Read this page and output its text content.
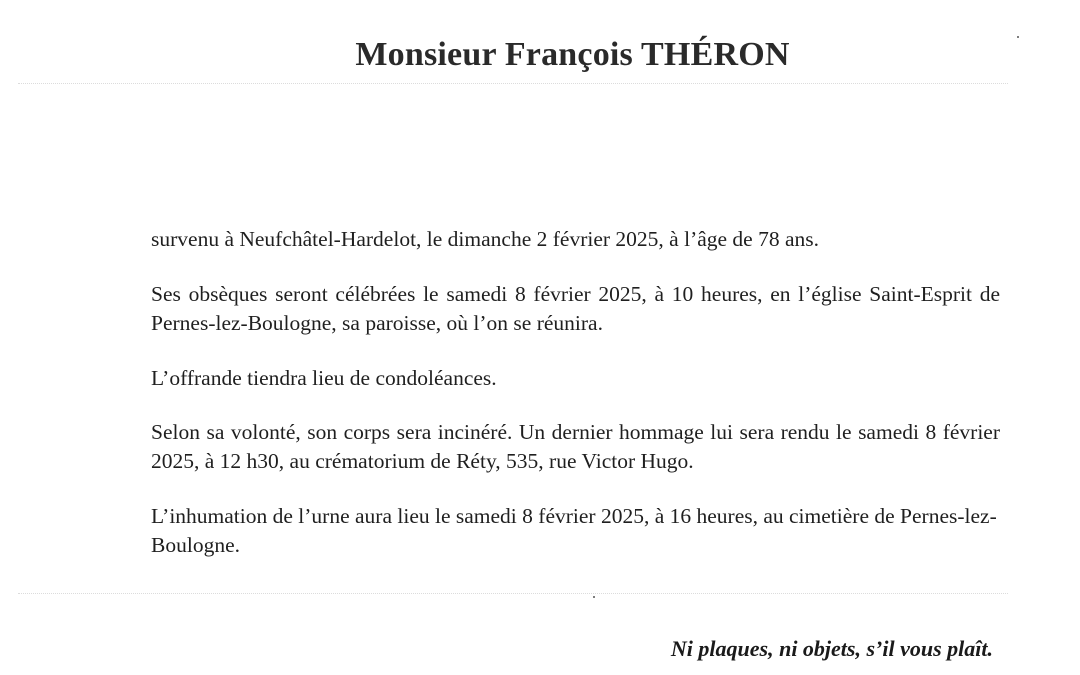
Monsieur François THÉRON
survenu à Neufchâtel-Hardelot, le dimanche 2 février 2025, à l’âge de 78 ans.
Ses obsèques seront célébrées le samedi 8 février 2025, à 10 heures, en l’église Saint-Esprit de Pernes-lez-Boulogne, sa paroisse, où l’on se réunira.
L’offrande tiendra lieu de condoléances.
Selon sa volonté, son corps sera incinéré. Un dernier hommage lui sera rendu le samedi 8 février 2025, à 12 h30, au crématorium de Réty, 535, rue Victor Hugo.
L’inhumation de l’urne aura lieu le samedi 8 février 2025, à 16 heures, au cimetière de Pernes-lez-Boulogne.
Ni plaques, ni objets, s’il vous plaît.
